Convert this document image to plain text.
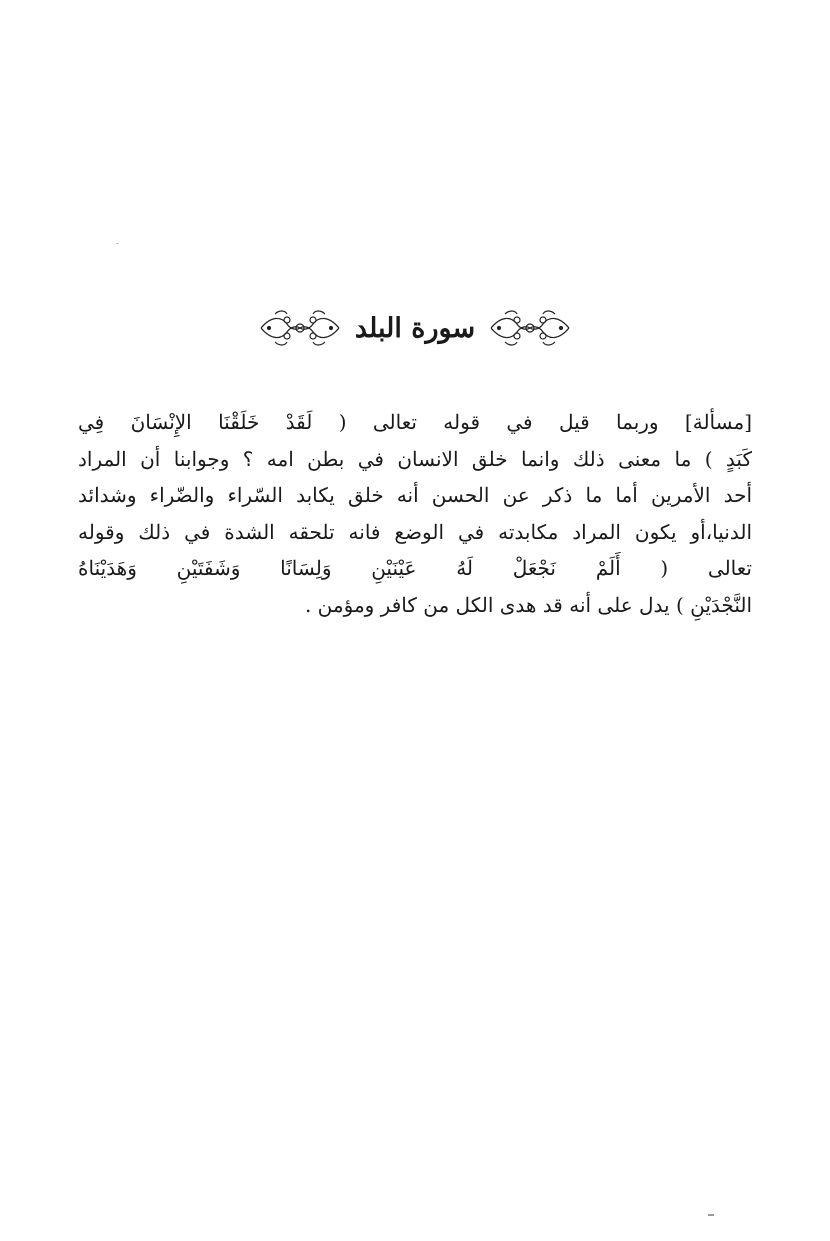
سورة البلد
[مسألة] وربما قيل في قوله تعالى ( لَقَدْ خَلَقْنَا الإِنْسَانَ فِي
كَبَدٍ ) ما معنى ذلك وانما خلق الانسان في بطن امه ؟ وجوابنا أن المراد
أحد الأمرين أما ما ذكر عن الحسن أنه خلق يكابد السّراء والضّراء وشدائد
الدنيا،أو يكون المراد مكابدته في الوضع فانه تلحقه الشدة في ذلك وقوله
تعالى ( أَلَمْ نَجْعَلْ لَهُ عَيْنَيْنِ وَلِسَانًا وَشَفَتَيْنِ وَهَدَيْنَاهُ
النَّجْدَيْنِ ) يدل على أنه قد هدى الكل من كافر ومؤمن .
